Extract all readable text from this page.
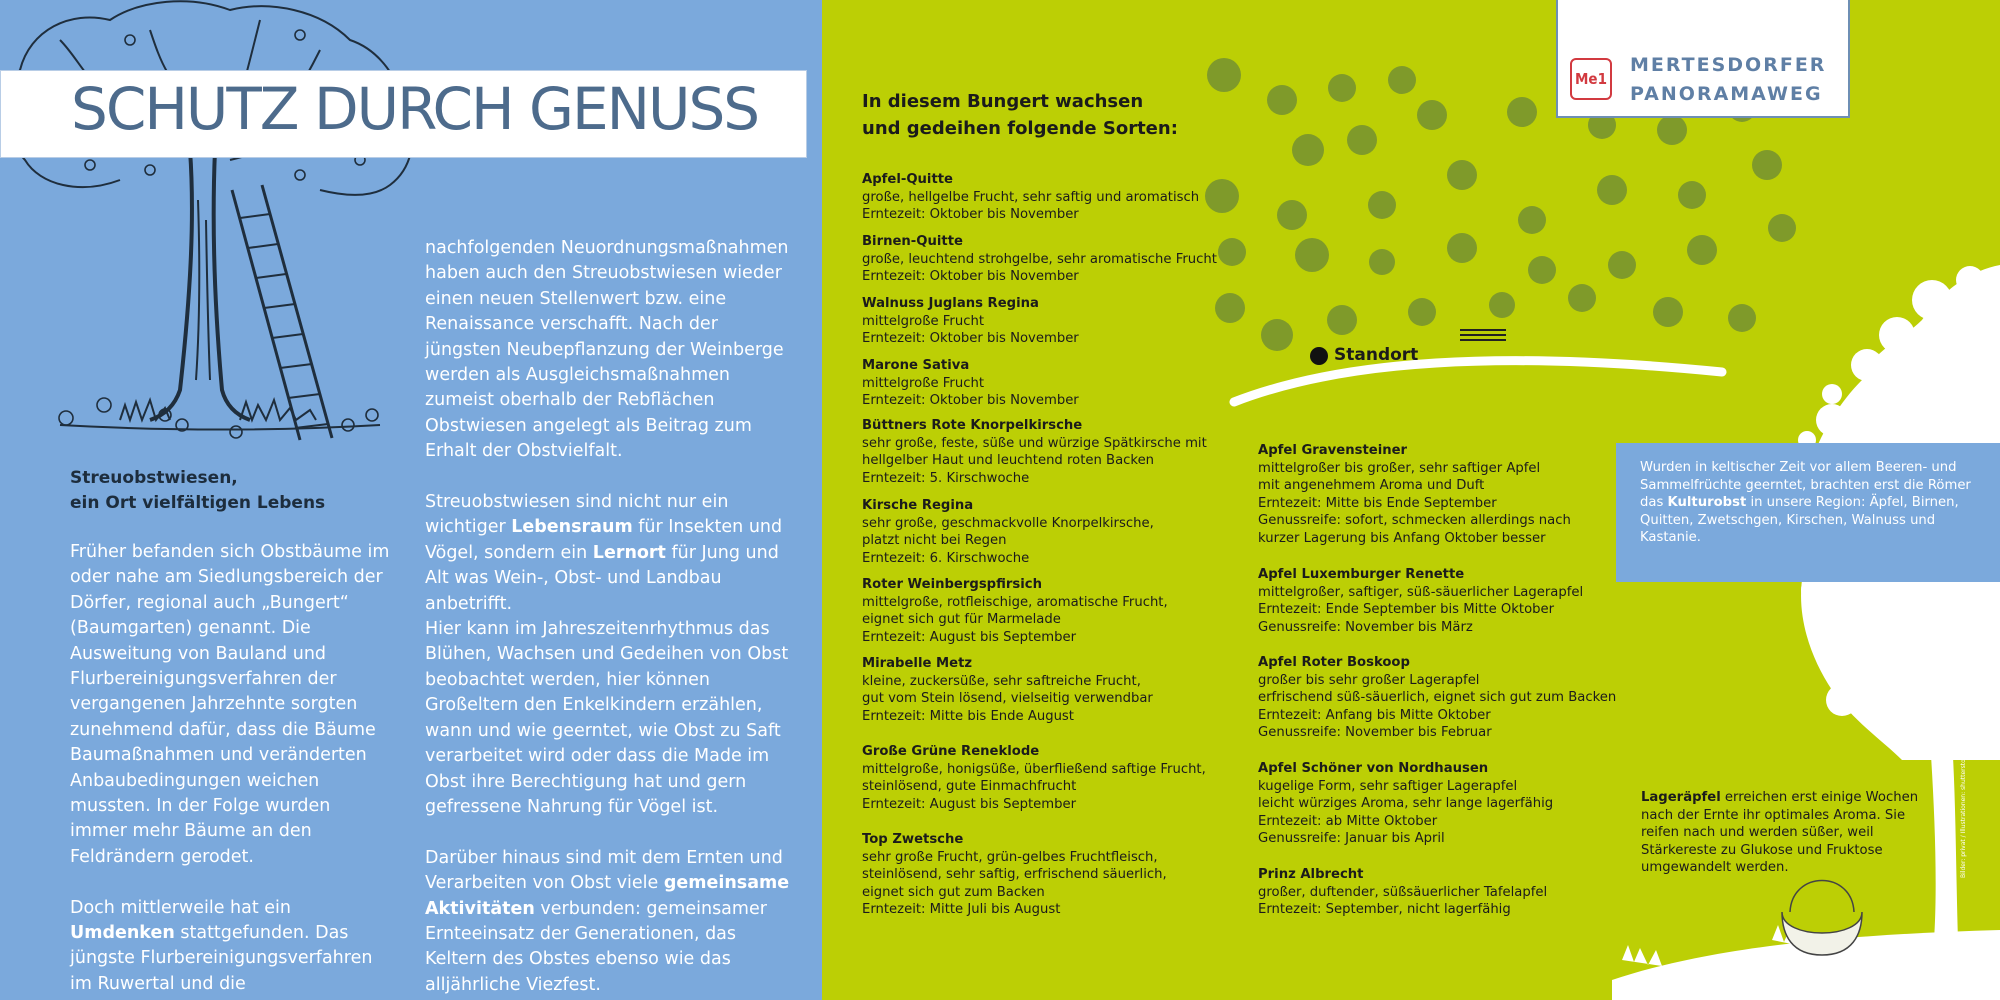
SCHUTZ DURCH GENUSS
Streuobstwiesen,
ein Ort vielfältigen Lebens

Früher befanden sich Obstbäume im oder nahe am Siedlungsbereich der Dörfer, regional auch „Bungert“ (Baumgarten) genannt. Die Ausweitung von Bauland und Flurbereinigungsverfahren der vergangenen Jahrzehnte sorgten zunehmend dafür, dass die Bäume Baumaßnahmen und veränderten Anbaubedingungen weichen mussten. In der Folge wurden immer mehr Bäume an den Feldrändern gerodet.

Doch mittlerweile hat ein Umdenken stattgefunden. Das jüngste Flurbereinigungsverfahren im Ruwertal und die

nachfolgenden Neuordnungsmaßnahmen haben auch den Streuobstwiesen wieder einen neuen Stellenwert bzw. eine Renaissance verschafft. Nach der jüngsten Neubepflanzung der Weinberge werden als Ausgleichsmaßnahmen zumeist oberhalb der Rebflächen Obstwiesen angelegt als Beitrag zum Erhalt der Obstvielfalt.

Streuobstwiesen sind nicht nur ein wichtiger Lebensraum für Insekten und Vögel, sondern ein Lernort für Jung und Alt was Wein-, Obst- und Landbau anbetrifft.

Hier kann im Jahreszeitenrhythmus das Blühen, Wachsen und Gedeihen von Obst beobachtet werden, hier können Großeltern den Enkelkindern erzählen, wann und wie geerntet, wie Obst zu Saft verarbeitet wird oder dass die Made im Obst ihre Berechtigung hat und gern gefressene Nahrung für Vögel ist.

Darüber hinaus sind mit dem Ernten und Verarbeiten von Obst viele gemeinsame Aktivitäten verbunden: gemeinsamer Ernteeinsatz der Generationen, das Keltern des Obstes ebenso wie das alljährliche Viezfest.

In diesem Bungert wachsen
und gedeihen folgende Sorten:
Apfel-Quitte
große, hellgelbe Frucht, sehr saftig und aromatisch
Erntezeit: Oktober bis November
Birnen-Quitte
große, leuchtend strohgelbe, sehr aromatische Frucht
Erntezeit: Oktober bis November
Walnuss Juglans Regina
mittelgroße Frucht
Erntezeit: Oktober bis November
Marone Sativa
mittelgroße Frucht
Erntezeit: Oktober bis November
Büttners Rote Knorpelkirsche
sehr große, feste, süße und würzige Spätkirsche mit
hellgelber Haut und leuchtend roten Backen
Erntezeit: 5. Kirschwoche
Kirsche Regina
sehr große, geschmackvolle Knorpelkirsche,
platzt nicht bei Regen
Erntezeit: 6. Kirschwoche
Roter Weinbergspfirsich
mittelgroße, rotfleischige, aromatische Frucht,
eignet sich gut für Marmelade
Erntezeit: August bis September
Mirabelle Metz
kleine, zuckersüße, sehr saftreiche Frucht,
gut vom Stein lösend, vielseitig verwendbar
Erntezeit: Mitte bis Ende August
Große Grüne Reneklode
mittelgroße, honigsüße, überfließend saftige Frucht,
steinlösend, gute Einmachfrucht
Erntezeit: August bis September
Top Zwetsche
sehr große Frucht, grün-gelbes Fruchtfleisch,
steinlösend, sehr saftig, erfrischend säuerlich,
eignet sich gut zum Backen
Erntezeit: Mitte Juli bis August
Apfel Gravensteiner
mittelgroßer bis großer, sehr saftiger Apfel
mit angenehmem Aroma und Duft
Erntezeit: Mitte bis Ende September
Genussreife: sofort, schmecken allerdings nach
kurzer Lagerung bis Anfang Oktober besser
Apfel Luxemburger Renette
mittelgroßer, saftiger, süß-säuerlicher Lagerapfel
Erntezeit: Ende September bis Mitte Oktober
Genussreife: November bis März
Apfel Roter Boskoop
großer bis sehr großer Lagerapfel
erfrischend süß-säuerlich, eignet sich gut zum Backen
Erntezeit: Anfang bis Mitte Oktober
Genussreife: November bis Februar
Apfel Schöner von Nordhausen
kugelige Form, sehr saftiger Lagerapfel
leicht würziges Aroma, sehr lange lagerfähig
Erntezeit: ab Mitte Oktober
Genussreife: Januar bis April
Prinz Albrecht
großer, duftender, süßsäuerlicher Tafelapfel
Erntezeit: September, nicht lagerfähig
Standort
Me1
MERTESDORFER
PANORAMAWEG
Wurden in keltischer Zeit vor allem Beeren- und Sammelfrüchte geerntet, brachten erst die Römer das Kulturobst in unsere Region: Äpfel, Birnen, Quitten, Zwetschgen, Kirschen, Walnuss und Kastanie.
Lageräpfel erreichen erst einige Wochen nach der Ernte ihr optimales Aroma. Sie reifen nach und werden süßer, weil Stärkereste zu Glukose und Fruktose umgewandelt werden.	Bilder: privat / Illustrationen: shutterstock.com
